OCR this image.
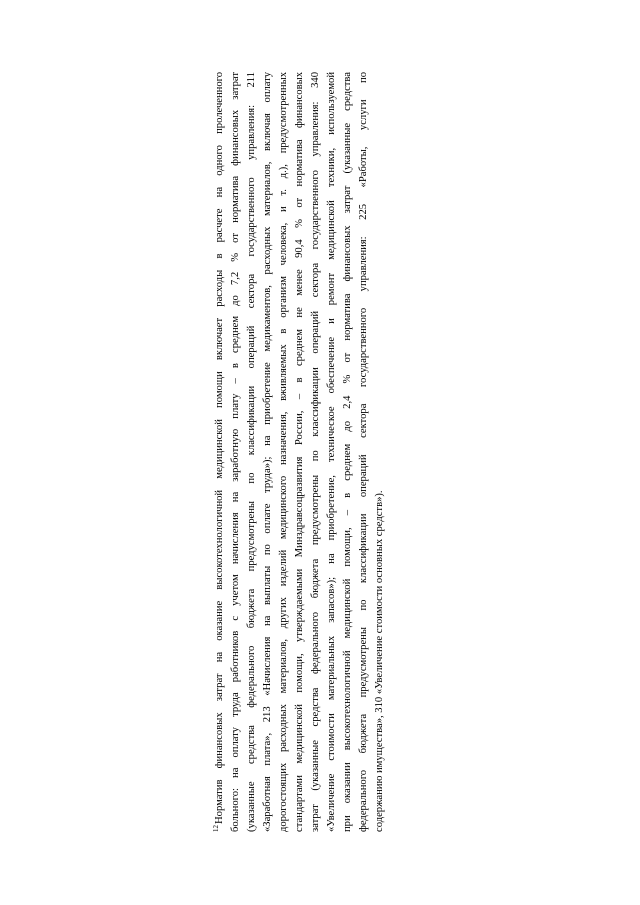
$^{12}$Норматив финансовых затрат на оказание высокотехнологичной медицинской помощи включает расходы в расчете на одного пролеченного больного: на оплату труда работников с учетом начисления на заработную плату – в среднем до 7,2 % от норматива финансовых затрат (указанные средства федерального бюджета предусмотрены по классификации операций сектора государственного управления: 211 «Заработная плата», 213 «Начисления на выплаты по оплате труда»); на приобретение медикаментов, расходных материалов, включая оплату дорогостоящих расходных материалов, других изделий медицинского назначения, вживляемых в организм человека, и т. д.), предусмотренных стандартами медицинской помощи, утверждаемыми Минздравсоцразвития России, – в среднем не менее 90,4 % от норматива финансовых затрат (указанные средства федерального бюджета предусмотрены по классификации операций сектора государственного управления: 340 «Увеличение стоимости материальных запасов»); на приобретение, техническое обеспечение и ремонт медицинской техники, используемой при оказании высокотехнологичной медицинской помощи, – в среднем до 2,4 % от норматива финансовых затрат (указанные средства федерального бюджета предусмотрены по классификации операций сектора государственного управления: 225 «Работы, услуги по содержанию имущества», 310 «Увеличение стоимости основных средств»).
